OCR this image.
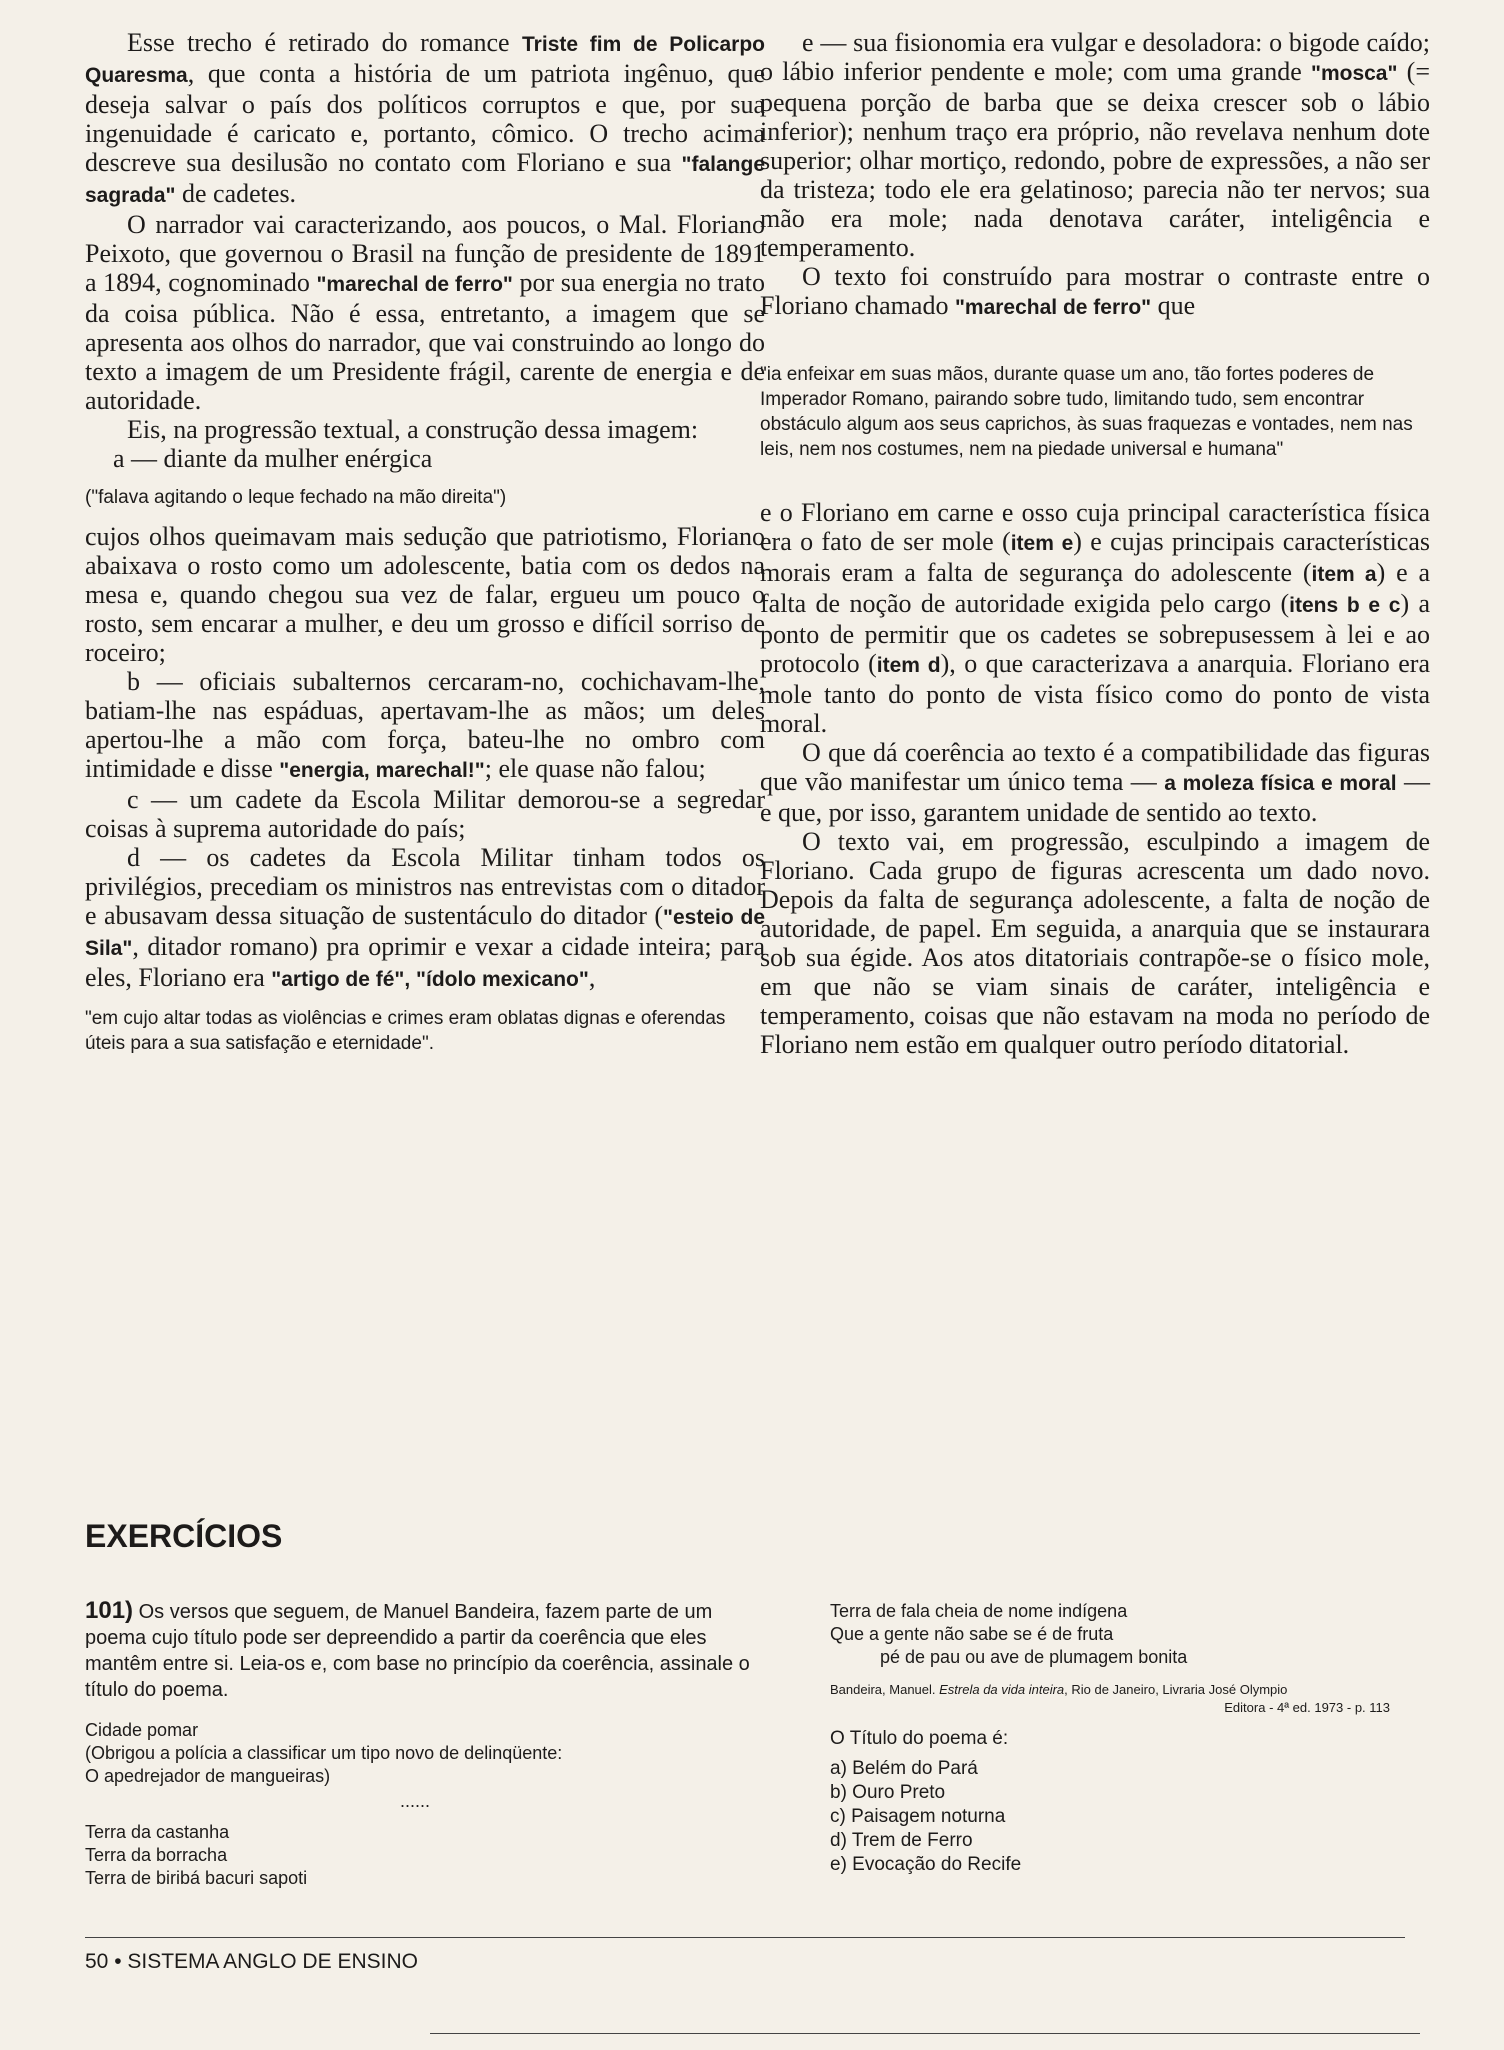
Esse trecho é retirado do romance Triste fim de Policarpo Quaresma, que conta a história de um patriota ingênuo, que deseja salvar o país dos políticos corruptos e que, por sua ingenuidade é caricato e, portanto, cômico. O trecho acima descreve sua desilusão no contato com Floriano e sua "falange sagrada" de cadetes.

O narrador vai caracterizando, aos poucos, o Mal. Floriano Peixoto, que governou o Brasil na função de presidente de 1891 a 1894, cognominado "marechal de ferro" por sua energia no trato da coisa pública. Não é essa, entretanto, a imagem que se apresenta aos olhos do narrador, que vai construindo ao longo do texto a imagem de um Presidente frágil, carente de energia e de autoridade.

Eis, na progressão textual, a construção dessa imagem:

a — diante da mulher enérgica

("falava agitando o leque fechado na mão direita")

cujos olhos queimavam mais sedução que patriotismo, Floriano abaixava o rosto como um adolescente, batia com os dedos na mesa e, quando chegou sua vez de falar, ergueu um pouco o rosto, sem encarar a mulher, e deu um grosso e difícil sorriso de roceiro;

b — oficiais subalternos cercaram-no, cochichavam-lhe, batiam-lhe nas espáduas, apertavam-lhe as mãos; um deles apertou-lhe a mão com força, bateu-lhe no ombro com intimidade e disse "energia, marechal!"; ele quase não falou;

c — um cadete da Escola Militar demorou-se a segredar coisas à suprema autoridade do país;

d — os cadetes da Escola Militar tinham todos os privilégios, precediam os ministros nas entrevistas com o ditador e abusavam dessa situação de sustentáculo do ditador ("esteio de Sila", ditador romano) pra oprimir e vexar a cidade inteira; para eles, Floriano era "artigo de fé", "ídolo mexicano",

"em cujo altar todas as violências e crimes eram oblatas dignas e oferendas úteis para a sua satisfação e eternidade".

e — sua fisionomia era vulgar e desoladora: o bigode caído; o lábio inferior pendente e mole; com uma grande "mosca" (= pequena porção de barba que se deixa crescer sob o lábio inferior); nenhum traço era próprio, não revelava nenhum dote superior; olhar mortiço, redondo, pobre de expressões, a não ser da tristeza; todo ele era gelatinoso; parecia não ter nervos; sua mão era mole; nada denotava caráter, inteligência e temperamento.

O texto foi construído para mostrar o contraste entre o Floriano chamado "marechal de ferro" que

"ia enfeixar em suas mãos, durante quase um ano, tão fortes poderes de Imperador Romano, pairando sobre tudo, limitando tudo, sem encontrar obstáculo algum aos seus caprichos, às suas fraquezas e vontades, nem nas leis, nem nos costumes, nem na piedade universal e humana"

e o Floriano em carne e osso cuja principal característica física era o fato de ser mole (item e) e cujas principais características morais eram a falta de segurança do adolescente (item a) e a falta de noção de autoridade exigida pelo cargo (itens b e c) a ponto de permitir que os cadetes se sobrepusessem à lei e ao protocolo (item d), o que caracterizava a anarquia. Floriano era mole tanto do ponto de vista físico como do ponto de vista moral.

O que dá coerência ao texto é a compatibilidade das figuras que vão manifestar um único tema — a moleza física e moral — e que, por isso, garantem unidade de sentido ao texto.

O texto vai, em progressão, esculpindo a imagem de Floriano. Cada grupo de figuras acrescenta um dado novo. Depois da falta de segurança adolescente, a falta de noção de autoridade, de papel. Em seguida, a anarquia que se instaurara sob sua égide. Aos atos ditatoriais contrapõe-se o físico mole, em que não se viam sinais de caráter, inteligência e temperamento, coisas que não estavam na moda no período de Floriano nem estão em qualquer outro período ditatorial.

EXERCÍCIOS
101) Os versos que seguem, de Manuel Bandeira, fazem parte de um poema cujo título pode ser depreendido a partir da coerência que eles mantêm entre si. Leia-os e, com base no princípio da coerência, assinale o título do poema.
Cidade pomar
(Obrigou a polícia a classificar um tipo novo de delinqüente:
O apedrejador de mangueiras)
......
Terra da castanha
Terra da borracha
Terra de biribá bacuri sapoti
Terra de fala cheia de nome indígena
Que a gente não sabe se é de fruta
pé de pau ou ave de plumagem bonita
Bandeira, Manuel. Estrela da vida inteira, Rio de Janeiro, Livraria José Olympio
Editora - 4ª ed. 1973 - p. 113
O Título do poema é:
a) Belém do Pará
b) Ouro Preto
c) Paisagem noturna
d) Trem de Ferro
e) Evocação do Recife
50 • SISTEMA ANGLO DE ENSINO
